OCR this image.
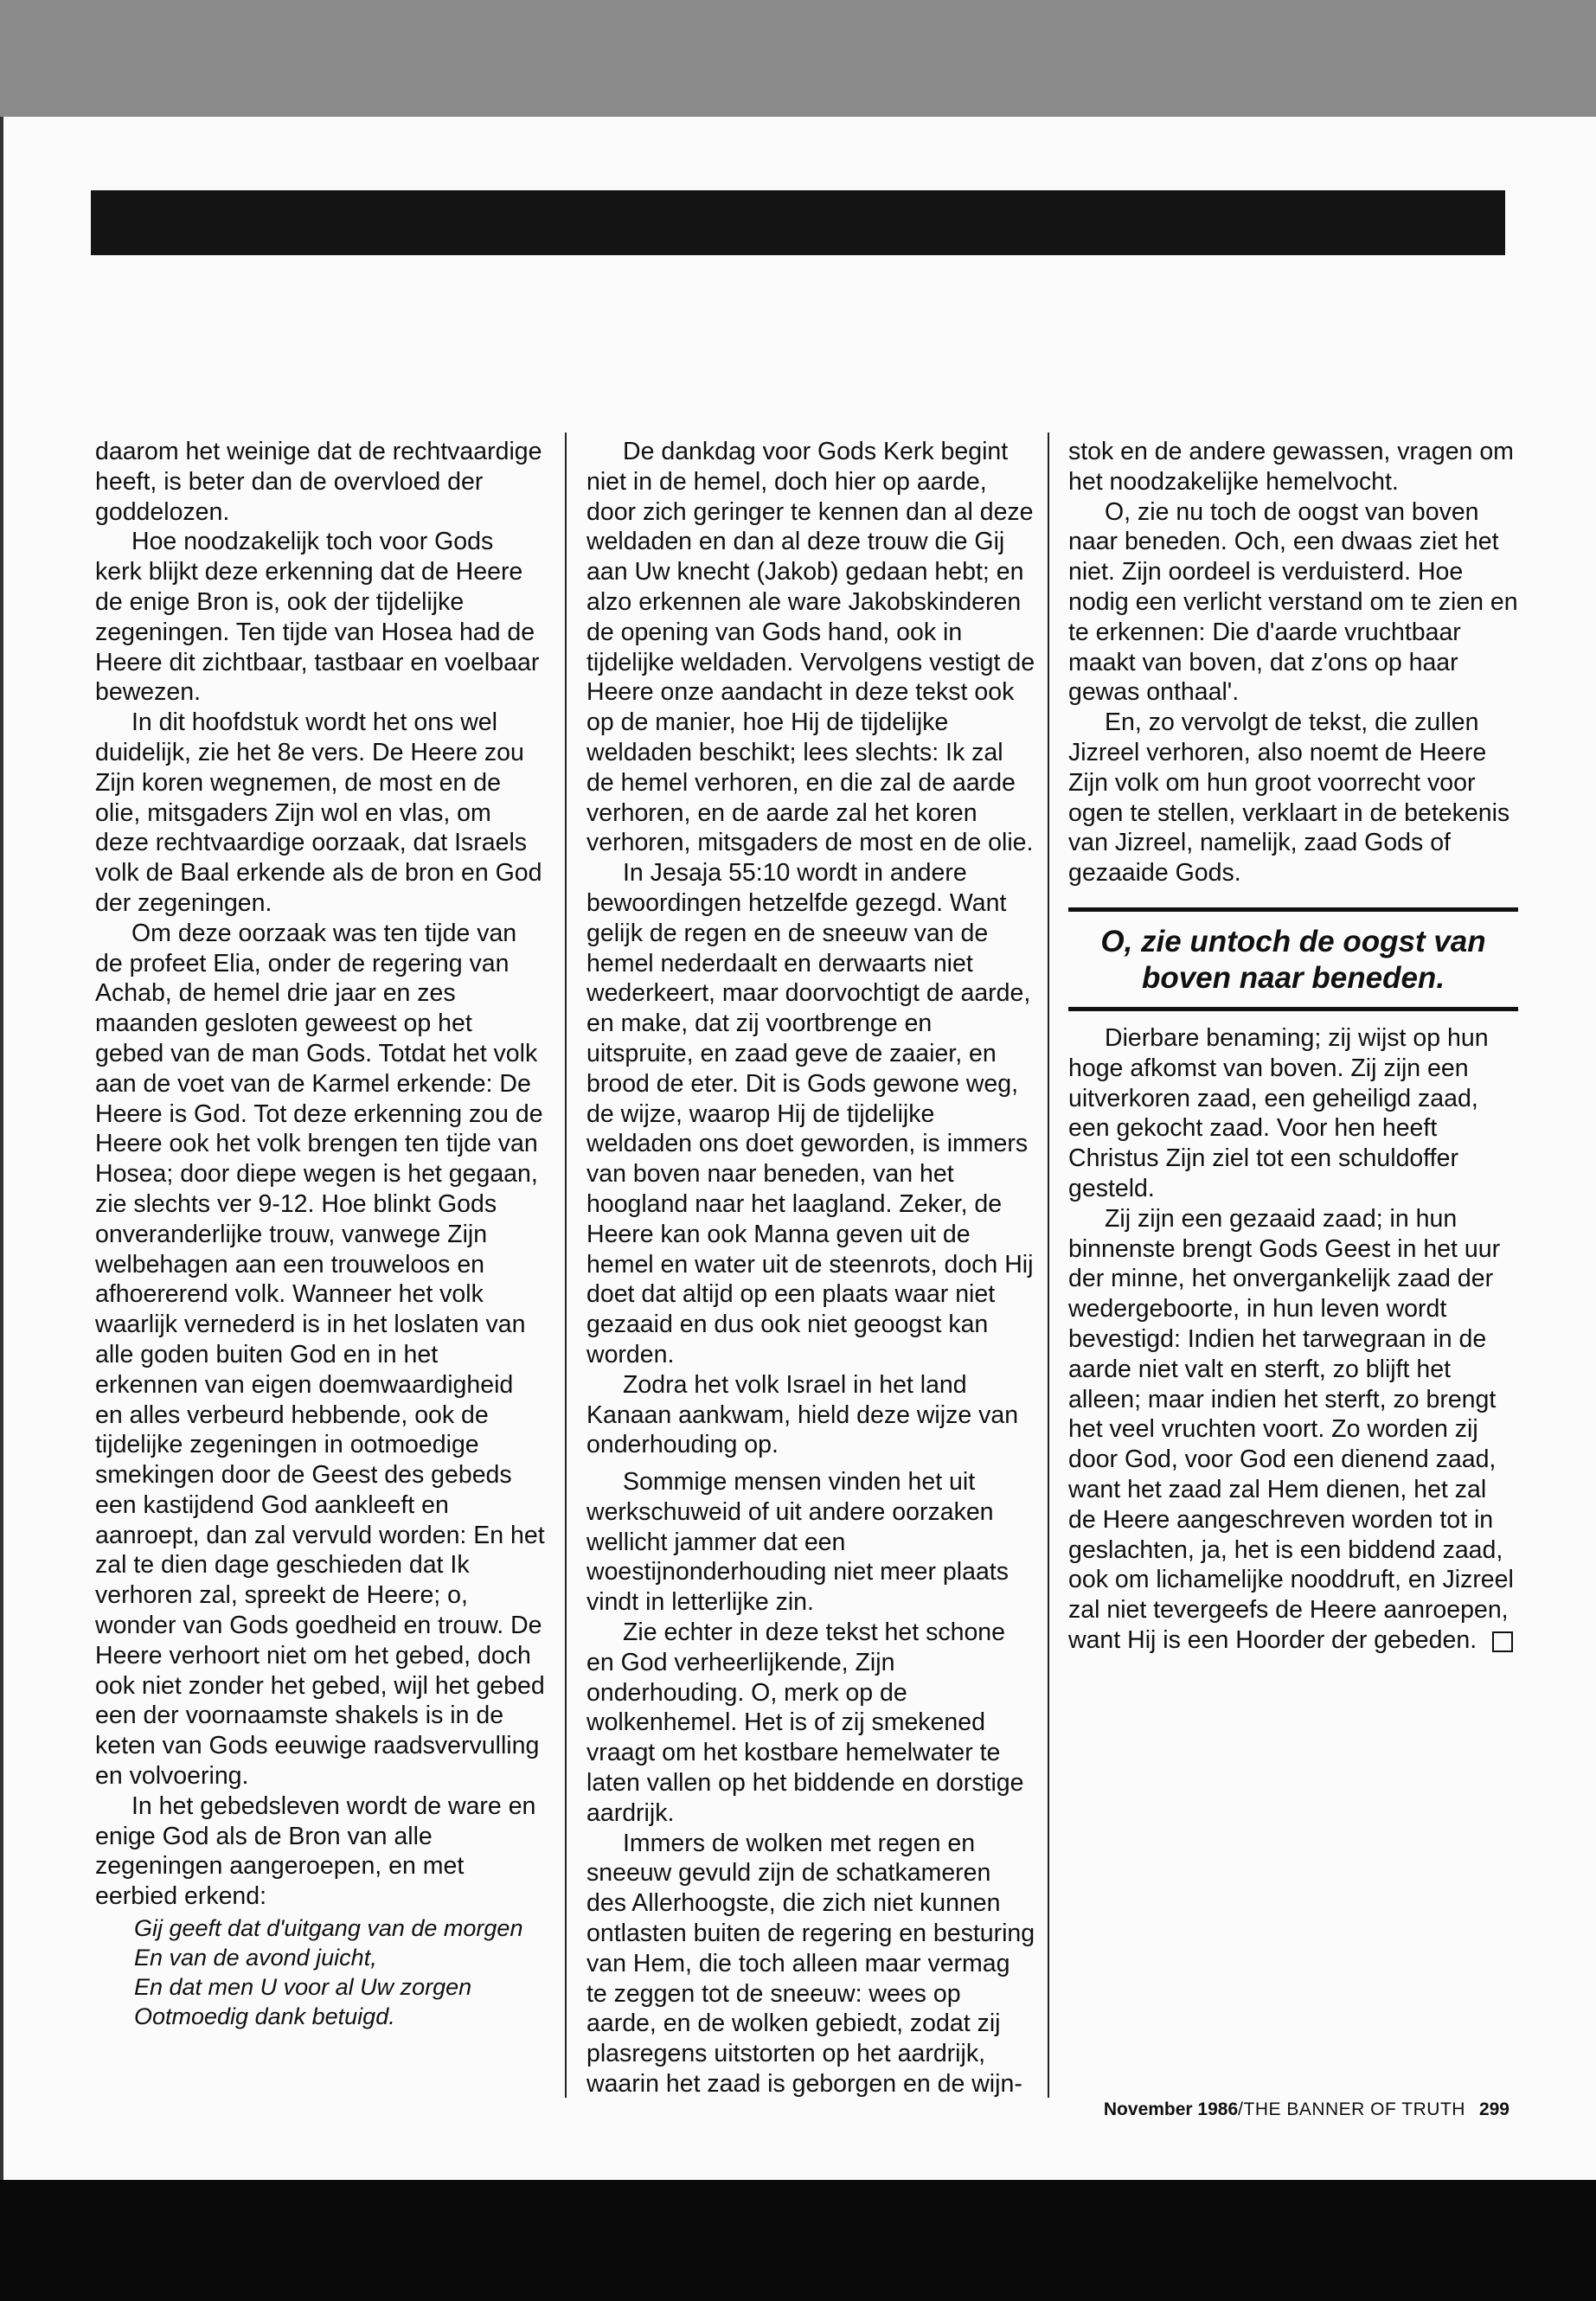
daarom het weinige dat de rechtvaardige heeft, is beter dan de overvloed der goddelozen.

Hoe noodzakelijk toch voor Gods kerk blijkt deze erkenning dat de Heere de enige Bron is, ook der tijdelijke zegeningen. Ten tijde van Hosea had de Heere dit zichtbaar, tastbaar en voelbaar bewezen.

In dit hoofdstuk wordt het ons wel duidelijk, zie het 8e vers. De Heere zou Zijn koren wegnemen, de most en de olie, mitsgaders Zijn wol en vlas, om deze rechtvaardige oorzaak, dat Israels volk de Baal erkende als de bron en God der zegeningen.

Om deze oorzaak was ten tijde van de profeet Elia, onder de regering van Achab, de hemel drie jaar en zes maanden gesloten geweest op het gebed van de man Gods. Totdat het volk aan de voet van de Karmel erkende: De Heere is God. Tot deze erkenning zou de Heere ook het volk brengen ten tijde van Hosea; door diepe wegen is het gegaan, zie slechts ver 9-12. Hoe blinkt Gods onveranderlijke trouw, vanwege Zijn welbehagen aan een trouweloos en afhoererend volk. Wanneer het volk waarlijk vernederd is in het loslaten van alle goden buiten God en in het erkennen van eigen doemwaardigheid en alles verbeurd hebbende, ook de tijdelijke zegeningen in ootmoedige smekingen door de Geest des gebeds een kastijdend God aankleeft en aanroept, dan zal vervuld worden: En het zal te dien dage geschieden dat Ik verhoren zal, spreekt de Heere; o, wonder van Gods goedheid en trouw. De Heere verhoort niet om het gebed, doch ook niet zonder het gebed, wijl het gebed een der voornaamste shakels is in de keten van Gods eeuwige raadsvervulling en volvoering.

In het gebedsleven wordt de ware en enige God als de Bron van alle zegeningen aangeroepen, en met eerbied erkend:

Gij geeft dat d'uitgang van de morgen
En van de avond juicht,
En dat men U voor al Uw zorgen
Ootmoedig dank betuigd.

De dankdag voor Gods Kerk begint niet in de hemel, doch hier op aarde, door zich geringer te kennen dan al deze weldaden en dan al deze trouw die Gij aan Uw knecht (Jakob) gedaan hebt; en alzo erkennen ale ware Jakobskinderen de opening van Gods hand, ook in tijdelijke weldaden. Vervolgens vestigt de Heere onze aandacht in deze tekst ook op de manier, hoe Hij de tijdelijke weldaden beschikt; lees slechts: Ik zal de hemel verhoren, en die zal de aarde verhoren, en de aarde zal het koren verhoren, mitsgaders de most en de olie.

In Jesaja 55:10 wordt in andere bewoordingen hetzelfde gezegd. Want gelijk de regen en de sneeuw van de hemel nederdaalt en derwaarts niet wederkeert, maar doorvochtigt de aarde, en make, dat zij voortbrenge en uitspruite, en zaad geve de zaaier, en brood de eter. Dit is Gods gewone weg, de wijze, waarop Hij de tijdelijke weldaden ons doet geworden, is immers van boven naar beneden, van het hoogland naar het laagland. Zeker, de Heere kan ook Manna geven uit de hemel en water uit de steenrots, doch Hij doet dat altijd op een plaats waar niet gezaaid en dus ook niet geoogst kan worden.

Zodra het volk Israel in het land Kanaan aankwam, hield deze wijze van onderhouding op.

Sommige mensen vinden het uit werkschuweid of uit andere oorzaken wellicht jammer dat een woestijnonderhouding niet meer plaats vindt in letterlijke zin.

Zie echter in deze tekst het schone en God verheerlijkende, Zijn onderhouding. O, merk op de wolkenhemel. Het is of zij smekened vraagt om het kostbare hemelwater te laten vallen op het biddende en dorstige aardrijk.

Immers de wolken met regen en sneeuw gevuld zijn de schatkameren des Allerhoogste, die zich niet kunnen ontlasten buiten de regering en besturing van Hem, die toch alleen maar vermag te zeggen tot de sneeuw: wees op aarde, en de wolken gebiedt, zodat zij plasregens uitstorten op het aardrijk, waarin het zaad is geborgen en de wijn-

stok en de andere gewassen, vragen om het noodzakelijke hemelvocht.

O, zie nu toch de oogst van boven naar beneden. Och, een dwaas ziet het niet. Zijn oordeel is verduisterd. Hoe nodig een verlicht verstand om te zien en te erkennen: Die d'aarde vruchtbaar maakt van boven, dat z'ons op haar gewas onthaal'.

En, zo vervolgt de tekst, die zullen Jizreel verhoren, also noemt de Heere Zijn volk om hun groot voorrecht voor ogen te stellen, verklaart in de betekenis van Jizreel, namelijk, zaad Gods of gezaaide Gods.

O, zie untoch de oogst van boven naar beneden.

Dierbare benaming; zij wijst op hun hoge afkomst van boven. Zij zijn een uitverkoren zaad, een geheiligd zaad, een gekocht zaad. Voor hen heeft Christus Zijn ziel tot een schuldoffer gesteld.

Zij zijn een gezaaid zaad; in hun binnenste brengt Gods Geest in het uur der minne, het onvergankelijk zaad der wedergeboorte, in hun leven wordt bevestigd: Indien het tarwegraan in de aarde niet valt en sterft, zo blijft het alleen; maar indien het sterft, zo brengt het veel vruchten voort. Zo worden zij door God, voor God een dienend zaad, want het zaad zal Hem dienen, het zal de Heere aangeschreven worden tot in geslachten, ja, het is een biddend zaad, ook om lichamelijke nooddruft, en Jizreel zal niet tevergeefs de Heere aanroepen, want Hij is een Hoorder der gebeden.

November 1986/THE BANNER OF TRUTH 299
